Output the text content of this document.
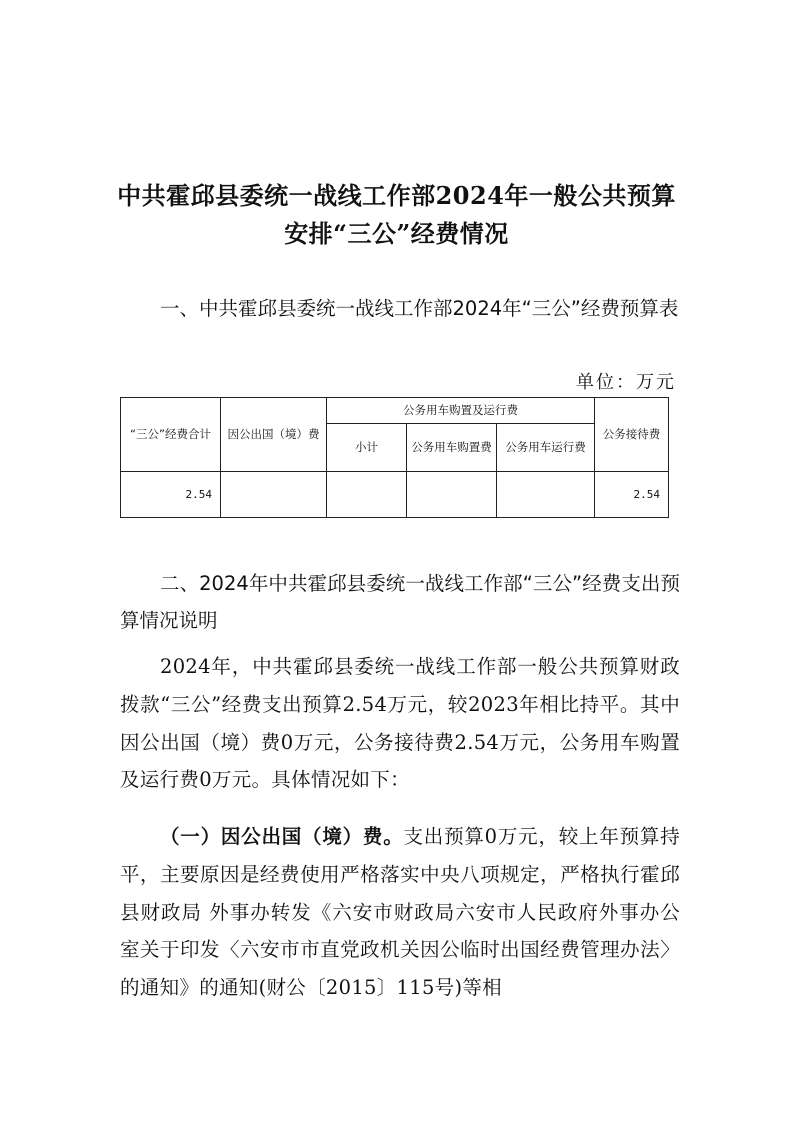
中共霍邱县委统一战线工作部2024年一般公共预算
安排“三公”经费情况

一、中共霍邱县委统一战线工作部2024年“三公”经费预算表

单位：万元
“三公”经费合计	因公出国（境）费	公务用车购置及运行费			公务接待费
		小计	公务用车购置费	公务用车运行费	
2.54					2.54

二、2024年中共霍邱县委统一战线工作部“三公”经费支出预算情况说明

2024年，中共霍邱县委统一战线工作部一般公共预算财政拨款“三公”经费支出预算2.54万元，较2023年相比持平。其中因公出国（境）费0万元，公务接待费2.54万元，公务用车购置及运行费0万元。具体情况如下：

（一）因公出国（境）费。支出预算0万元，较上年预算持平，主要原因是经费使用严格落实中央八项规定，严格执行霍邱县财政局 外事办转发《六安市财政局六安市人民政府外事办公室关于印发〈六安市市直党政机关因公临时出国经费管理办法〉的通知》的通知(财公〔2015〕115号)等相
